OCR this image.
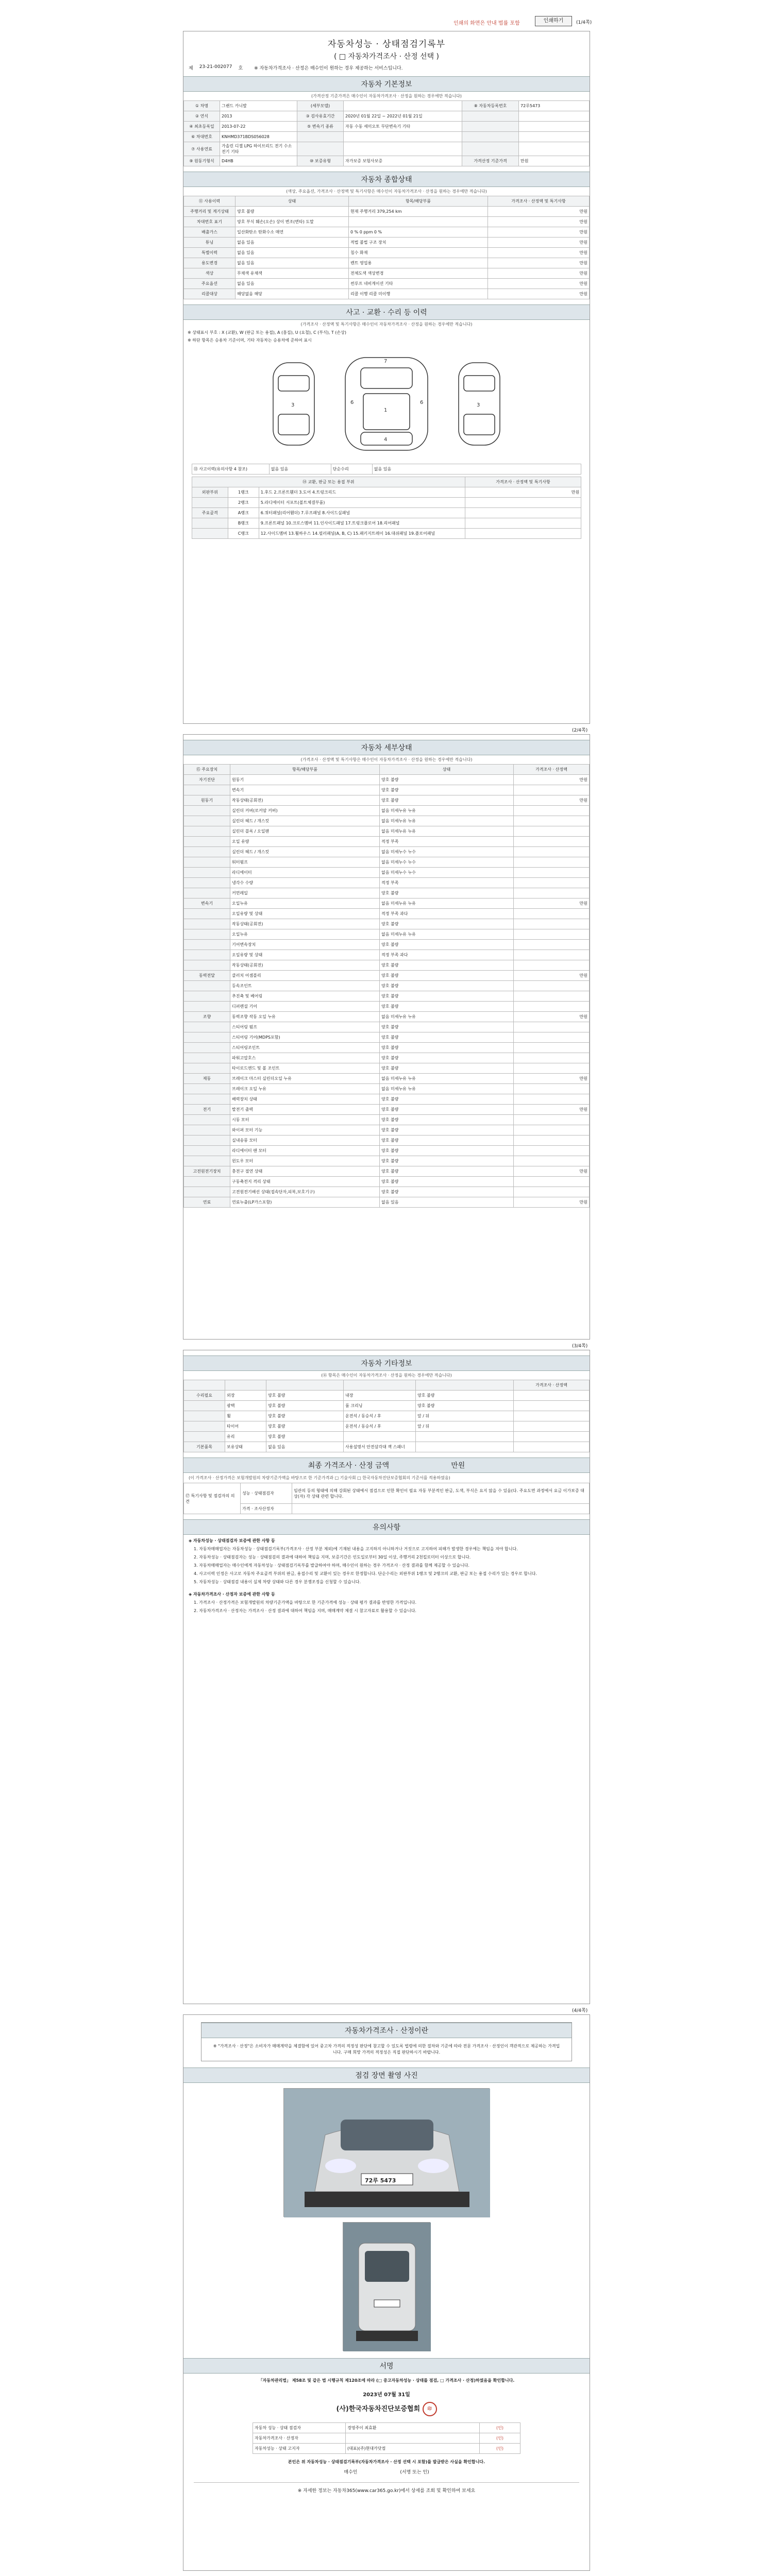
인쇄의 화면은 안내 법률 포함	인쇄하기	(1/4쪽)
자동차성능 · 상태점검기록부
( □ 자동차가격조사 · 산정 선택 )
제 23-21-002077 호 ※ 자동차가격조사 · 산정은 매수인이 원하는 경우 제공하는 서비스입니다.
자동차 기본정보
(가격산정 기준가격은 매수인이 자동차가격조사 · 산정을 원하는 경우에만 적습니다)
① 차명	그랜드 카니발	(세부모델)		⑧ 자동차등록번호	72루5473
② 연식	2013	③ 검사유효기간	2020년 01월 22일 ~ 2022년 01월 21일		
④ 최초등록일	2013-07-22	⑤ 변속기 종류	자동 수동 세미오토 무단변속기 기타		
⑥ 차대번호	KNHMD371BDS056028				
⑦ 사용연료	가솔린 디젤 LPG 하이브리드 전기 수소전기 기타				
⑨ 원동기형식	D4HB	⑩ 보증유형	자가보증 보험사보증	가격산정 기준가격	만원
자동차 종합상태
(색상, 주요옵션, 가격조사 · 산정액 및 특기사항은 매수인이 자동차가격조사 · 산정을 원하는 경우에만 적습니다)
⑪ 사용이력	상태	항목/해당부품	가격조사 · 산정액 및 특기사항
주행거리 및 계기상태	양호 불량	현재 주행거리 379,254 km	만원
차대번호 표기	양호 부식 훼손(오손) 상이 변조(변타) 도말		만원
배출가스	일산화탄소 탄화수소 매연	0 % 0 ppm 0 %	만원
튜닝	없음 있음	적법 불법 구조 장치	만원
특별이력	없음 있음	침수 화재	만원
용도변경	없음 있음	렌트 영업용	만원
색상	무채색 유채색	전체도색 색상변경	만원
주요옵션	없음 있음	썬루프 네비게이션 기타	만원
리콜대상	해당없음 해당	리콜 이행 리콜 미이행	만원
사고 · 교환 · 수리 등 이력
(가격조사 · 산정액 및 특기사항은 매수인이 자동차가격조사 · 산정을 원하는 경우에만 적습니다)
※ 상태표시 부호 : X (교환), W (판금 또는 용접), A (흠집), U (요철), C (부식), T (손상)
※ 하단 항목은 승용차 기준이며, 기타 자동차는 승용차에 준하여 표시
3
1
7
4
3
6	6
⑬ 사고이력(유의사항 4 참조)	없음 있음	단순수리	없음 있음
⑭ 교환, 판금 또는 용접 부위			가격조사 · 산정액 및 특기사항
외판부위	1랭크	1.후드 2.프론트휀더 3.도어 4.트렁크리드	만원
	2랭크	5.라디에이터 서포트(볼트체결부품)	
주요골격	A랭크	6.쿼터패널(리어휀더) 7.루프패널 8.사이드실패널	
	B랭크	9.프론트패널 10.크로스멤버 11.인사이드패널 17.트렁크플로어 18.리어패널	
	C랭크	12.사이드멤버 13.휠하우스 14.필러패널(A, B, C) 15.패키지트레이 16.대쉬패널 19.플로어패널	
(2/4쪽)
자동차 세부상태
(가격조사 · 산정액 및 특기사항은 매수인이 자동차가격조사 · 산정을 원하는 경우에만 적습니다)
⑮ 주요장치	항목/해당부품	상태	가격조사 · 산정액
자기진단	원동기	양호 불량	만원
	변속기	양호 불량	
원동기	작동상태(공회전)	양호 불량	만원
	실린더 커버(로커암 커버)	없음 미세누유 누유	
	실린더 헤드 / 개스킷	없음 미세누유 누유	
	실린더 블록 / 오일팬	없음 미세누유 누유	
	오일 유량	적정 부족	
	실린더 헤드 / 개스킷	없음 미세누수 누수	
	워터펌프	없음 미세누수 누수	
	라디에이터	없음 미세누수 누수	
	냉각수 수량	적정 부족	
	커먼레일	양호 불량	
변속기	오일누유	없음 미세누유 누유	만원
	오일유량 및 상태	적정 부족 과다	
	작동상태(공회전)	양호 불량	
	오일누유	없음 미세누유 누유	
	기어변속장치	양호 불량	
	오일유량 및 상태	적정 부족 과다	
	작동상태(공회전)	양호 불량	
동력전달	클러치 어셈블리	양호 불량	만원
	등속조인트	양호 불량	
	추진축 및 베어링	양호 불량	
	디퍼렌셜 기어	양호 불량	
조향	동력조향 작동 오일 누유	없음 미세누유 누유	만원
	스티어링 펌프	양호 불량	
	스티어링 기어(MDPS포함)	양호 불량	
	스티어링조인트	양호 불량	
	파워고압호스	양호 불량	
	타이로드엔드 및 볼 조인트	양호 불량	
제동	브레이크 마스터 실린더오일 누유	없음 미세누유 누유	만원
	브레이크 오일 누유	없음 미세누유 누유	
	배력장치 상태	양호 불량	
전기	발전기 출력	양호 불량	만원
	시동 모터	양호 불량	
	와이퍼 모터 기능	양호 불량	
	실내송풍 모터	양호 불량	
	라디에이터 팬 모터	양호 불량	
	윈도우 모터	양호 불량	
고전원전기장치	충전구 절연 상태	양호 불량	만원
	구동축전지 격리 상태	양호 불량	
	고전원전기배선 상태(접속단자,피복,보호기구)	양호 불량	
연료	연료누출(LP가스포함)	없음 있음	만원
(3/4쪽)
자동차 기타정보
(⑯ 항목은 매수인이 자동차가격조사 · 산정을 원하는 경우에만 적습니다)
					가격조사 · 산정액
수리필요	외장	양호 불량	내장	양호 불량	
	광택	양호 불량	룸 크리닝	양호 불량	
	휠	양호 불량	운전석 / 동승석 / 후	앞 / 뒤	
	타이어	양호 불량	운전석 / 동승석 / 후	앞 / 뒤	
	유리	양호 불량			
기본품목	보유상태	없음 있음	사용설명서 안전삼각대 잭 스패너		
최종 가격조사 · 산정 금액	만원
(이 가격조사 · 산정가격은 보험개발원의 차량기준가액을 바탕으로 한 기준가격과 □ 기술사회 □ 한국자동차진단보증협회의 기준서를 적용하였음)
⑰ 특기사항 및 점검자의 의견	성능 · 상태점검자	임관의 등의 형태에 의해 강회된 상태에서 점검으로 인한 확인이 필요 자동 부분적인 판금, 도색, 부식은 요지 않을 수 있음(다. 주요도면 과정에서 요금 이가보증 대상(자) 각 상태 관련 합니다.
	가격 · 조사산정자	
유의사항
◈ 자동차성능 · 상태점검자 보증에 관한 사항 등
1. 자동차매매업자는 자동차성능 · 상태점검기록부(가격조사 · 산정 부분 제외)에 기재된 내용을 고지하지 아니하거나 거짓으로 고지하여 피해가 발생한 경우에는 책임을 져야 합니다.
2. 자동차성능 · 상태점검자는 성능 · 상태점검의 결과에 대하여 책임을 지며, 보증기간은 인도일로부터 30일 이상, 주행거리 2천킬로미터 이상으로 합니다.
3. 자동차매매업자는 매수인에게 자동차성능 · 상태점검기록부를 발급하여야 하며, 매수인이 원하는 경우 가격조사 · 산정 결과를 함께 제공할 수 있습니다.
4. 사고이력 인정은 사고로 자동차 주요골격 부위의 판금, 용접수리 및 교환이 있는 경우로 한정합니다. 단순수리는 외판부위 1랭크 및 2랭크의 교환, 판금 또는 용접 수리가 있는 경우로 합니다.
5. 자동차성능 · 상태점검 내용이 실제 차량 상태와 다른 경우 분쟁조정을 신청할 수 있습니다.
◈ 자동차가격조사 · 산정자 보증에 관한 사항 등
1. 가격조사 · 산정가격은 보험개발원의 차량기준가액을 바탕으로 한 기준가격에 성능 · 상태 평가 결과를 반영한 가격입니다.
2. 자동차가격조사 · 산정자는 가격조사 · 산정 결과에 대하여 책임을 지며, 매매계약 체결 시 참고자료로 활용할 수 있습니다.
(4/4쪽)
자동차가격조사 · 산정이란
※ "가격조사 · 산정"은 소비자가 매매계약을 체결함에 있어 중고차 가격의 적정성 판단에 참고할 수 있도록 법령에 의한 절차와 기준에 따라 전문 가격조사 · 산정인이 객관적으로 제공하는 가격입니다. 구매 희망 가격의 적정성은 직접 판단하시기 바랍니다.
점검 장면 촬영 사진
72루 5473
서명
「자동차관리법」 제58조 및 같은 법 시행규칙 제120조에 따라 (□ 중고자동차성능 · 상태를 점검, □ 가격조사 · 산정)하였음을 확인합니다.
2023년 07월 31일
(사)한국자동차진단보증협회 印
자동차 성능 · 상태 점검자	경영주이 최효환	(인)
자동차가격조사 · 산정자		(인)
자동차성능 · 상태 고지자	(대표)(주)현대카닷컴	(인)
본인은 위 자동차성능 · 상태점검기록부(자동차가격조사 · 산정 선택 시 포함)를 발급받은 사실을 확인합니다.
매수인	(서명 또는 인)
※ 자세한 정보는 자동차365(www.car365.go.kr)에서 상세를 조회 및 확인하여 보세요
